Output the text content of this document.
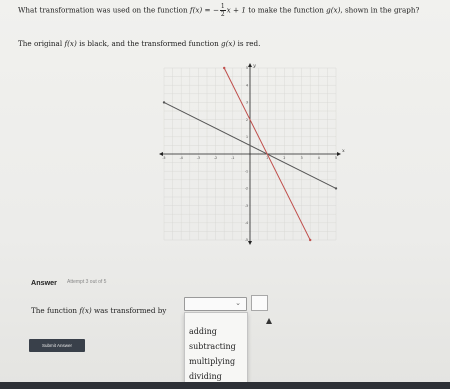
What transformation was used on the function f(x) = − $\frac{1}{2}$ x + 1 to make the function g(x), shown in the graph?
The original f(x) is black, and the transformed function g(x) is red.
-5
-5
-4
-4
-3
-3
-2
-2
-1
-1
1
1
2
2
3
3
4
4
5
5 y
x
Answer Attempt 3 out of 5
The function f(x) was transformed by
⌄
adding
subtracting
multiplying
dividing
Submit Answer
